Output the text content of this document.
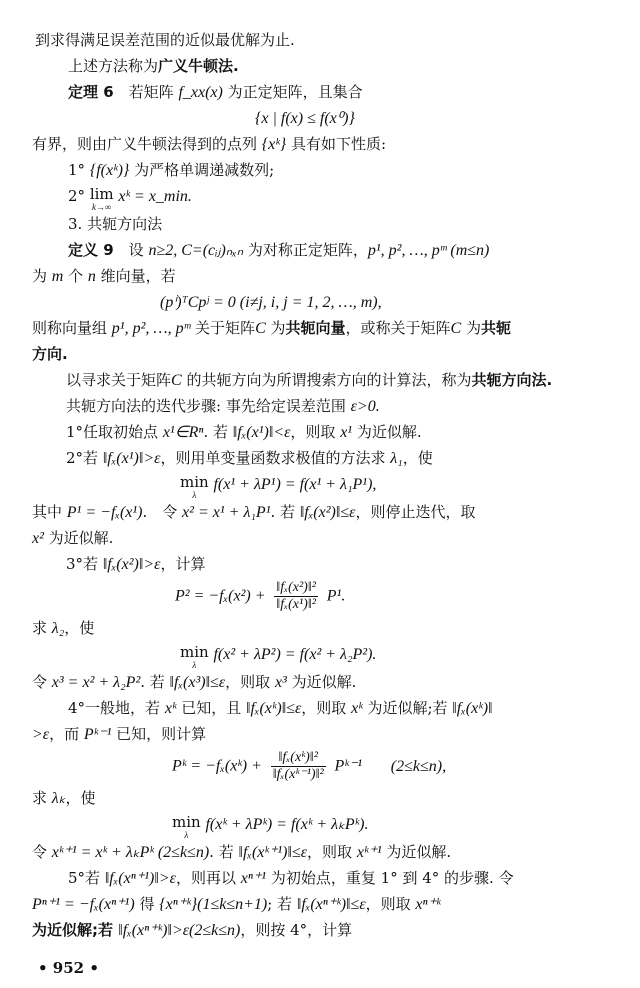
到求得满足误差范围的近似最优解为止.
上述方法称为广义牛顿法.
定理 6　若矩阵 f_xx(x) 为正定矩阵，且集合
{x | f(x) ≤ f(x⁰)}
有界，则由广义牛顿法得到的点列 {xᵏ} 具有如下性质:
1° {f(xᵏ)} 为严格单调递减数列;
3. 共轭方向法
定义 9　设 n≥2, C=(cᵢⱼ)ₙₓₙ 为对称正定矩阵，p¹, p², …, pᵐ (m≤n)
为 m 个 n 维向量，若
(pⁱ)ᵀCpʲ = 0 (i≠j, i, j = 1, 2, …, m),
则称向量组 p¹, p², …, pᵐ 关于矩阵C 为共轭向量，或称关于矩阵C 为共轭
方向.
以寻求关于矩阵C 的共轭方向为所谓搜索方向的计算法，称为共轭方向法.
共轭方向法的迭代步骤: 事先给定误差范围 ε>0.
1°任取初始点 x¹∈Rⁿ. 若 ‖fₓ(x¹)‖<ε，则取 x¹ 为近似解.
2°若 ‖fₓ(x¹)‖>ε，则用单变量函数求极值的方法求 λ₁，使
其中 P¹ = −fₓ(x¹).　令 x² = x¹ + λ₁P¹. 若 ‖fₓ(x²)‖≤ε，则停止迭代，取
x² 为近似解.
3°若 ‖fₓ(x²)‖>ε，计算
求 λ₂，使
令 x³ = x² + λ₂P². 若 ‖fₓ(x³)‖≤ε，则取 x³ 为近似解.
4°一般地，若 xᵏ 已知，且 ‖fₓ(xᵏ)‖≤ε，则取 xᵏ 为近似解;若 ‖fₓ(xᵏ)‖
>ε，而 Pᵏ⁻¹ 已知，则计算
求 λₖ，使
令 xᵏ⁺¹ = xᵏ + λₖPᵏ (2≤k≤n). 若 ‖fₓ(xᵏ⁺¹)‖≤ε，则取 xᵏ⁺¹ 为近似解.
5°若 ‖fₓ(xⁿ⁺¹)‖>ε，则再以 xⁿ⁺¹ 为初始点，重复 1° 到 4° 的步骤. 令
Pⁿ⁺¹ = −fₓ(xⁿ⁺¹) 得 {xⁿ⁺ᵏ}(1≤k≤n+1); 若 ‖fₓ(xⁿ⁺ᵏ)‖≤ε，则取 xⁿ⁺ᵏ
为近似解;若 ‖fₓ(xⁿ⁺ᵏ)‖>ε(2≤k≤n)，则按 4°，计算
2° lim
k→∞
xᵏ = x_min.
min
λ
f(x¹ + λP¹) = f(x¹ + λ₁P¹),
$P^2 = -f_x(x^2) + \frac{\text{‖fₓ(x²)‖²}}{\text{‖fₓ(x¹)‖²}} P^1$.
min
λ
f(x² + λP²) = f(x² + λ₂P²).
Pᵏ = −fₓ(xᵏ) + $\frac{\text{‖fₓ(xᵏ)‖²}}{\text{‖fₓ(xᵏ⁻¹)‖²}}$ Pᵏ⁻¹ (2≤k≤n),
min
λ
f(xᵏ + λPᵏ) = f(xᵏ + λₖPᵏ).
• 952 •
